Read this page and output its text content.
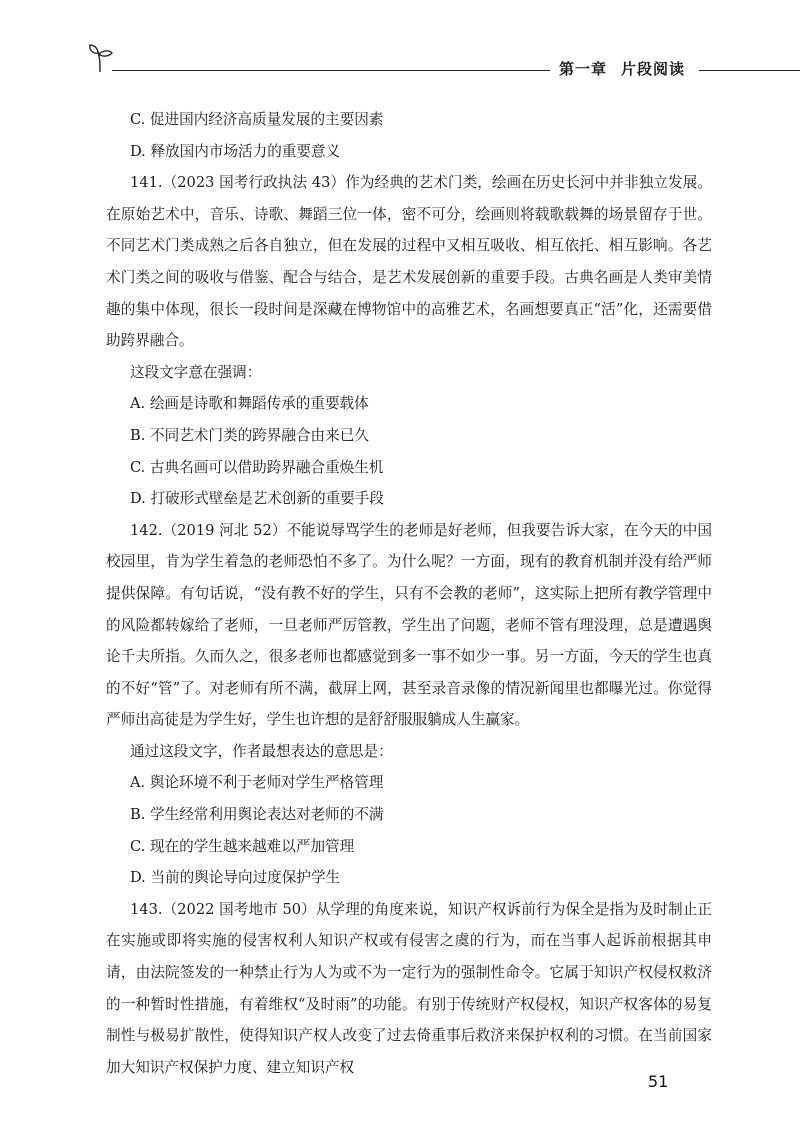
第一章 片段阅读
C. 促进国内经济高质量发展的主要因素
D. 释放国内市场活力的重要意义
141.（2023 国考行政执法 43）作为经典的艺术门类，绘画在历史长河中并非独立发展。在原始艺术中，音乐、诗歌、舞蹈三位一体，密不可分，绘画则将载歌载舞的场景留存于世。不同艺术门类成熟之后各自独立，但在发展的过程中又相互吸收、相互依托、相互影响。各艺术门类之间的吸收与借鉴、配合与结合，是艺术发展创新的重要手段。古典名画是人类审美情趣的集中体现，很长一段时间是深藏在博物馆中的高雅艺术，名画想要真正“活”化，还需要借助跨界融合。
这段文字意在强调：
A. 绘画是诗歌和舞蹈传承的重要载体
B. 不同艺术门类的跨界融合由来已久
C. 古典名画可以借助跨界融合重焕生机
D. 打破形式壁垒是艺术创新的重要手段
142.（2019 河北 52）不能说辱骂学生的老师是好老师，但我要告诉大家，在今天的中国校园里，肯为学生着急的老师恐怕不多了。为什么呢？一方面，现有的教育机制并没有给严师提供保障。有句话说，“没有教不好的学生，只有不会教的老师”，这实际上把所有教学管理中的风险都转嫁给了老师，一旦老师严厉管教，学生出了问题，老师不管有理没理，总是遭遇舆论千夫所指。久而久之，很多老师也都感觉到多一事不如少一事。另一方面，今天的学生也真的不好“管”了。对老师有所不满，截屏上网，甚至录音录像的情况新闻里也都曝光过。你觉得严师出高徒是为学生好，学生也许想的是舒舒服服躺成人生赢家。
通过这段文字，作者最想表达的意思是：
A. 舆论环境不利于老师对学生严格管理
B. 学生经常利用舆论表达对老师的不满
C. 现在的学生越来越难以严加管理
D. 当前的舆论导向过度保护学生
143.（2022 国考地市 50）从学理的角度来说，知识产权诉前行为保全是指为及时制止正在实施或即将实施的侵害权利人知识产权或有侵害之虞的行为，而在当事人起诉前根据其申请，由法院签发的一种禁止行为人为或不为一定行为的强制性命令。它属于知识产权侵权救济的一种暂时性措施，有着维权“及时雨”的功能。有别于传统财产权侵权，知识产权客体的易复制性与极易扩散性，使得知识产权人改变了过去倚重事后救济来保护权利的习惯。在当前国家加大知识产权保护力度、建立知识产权
51
